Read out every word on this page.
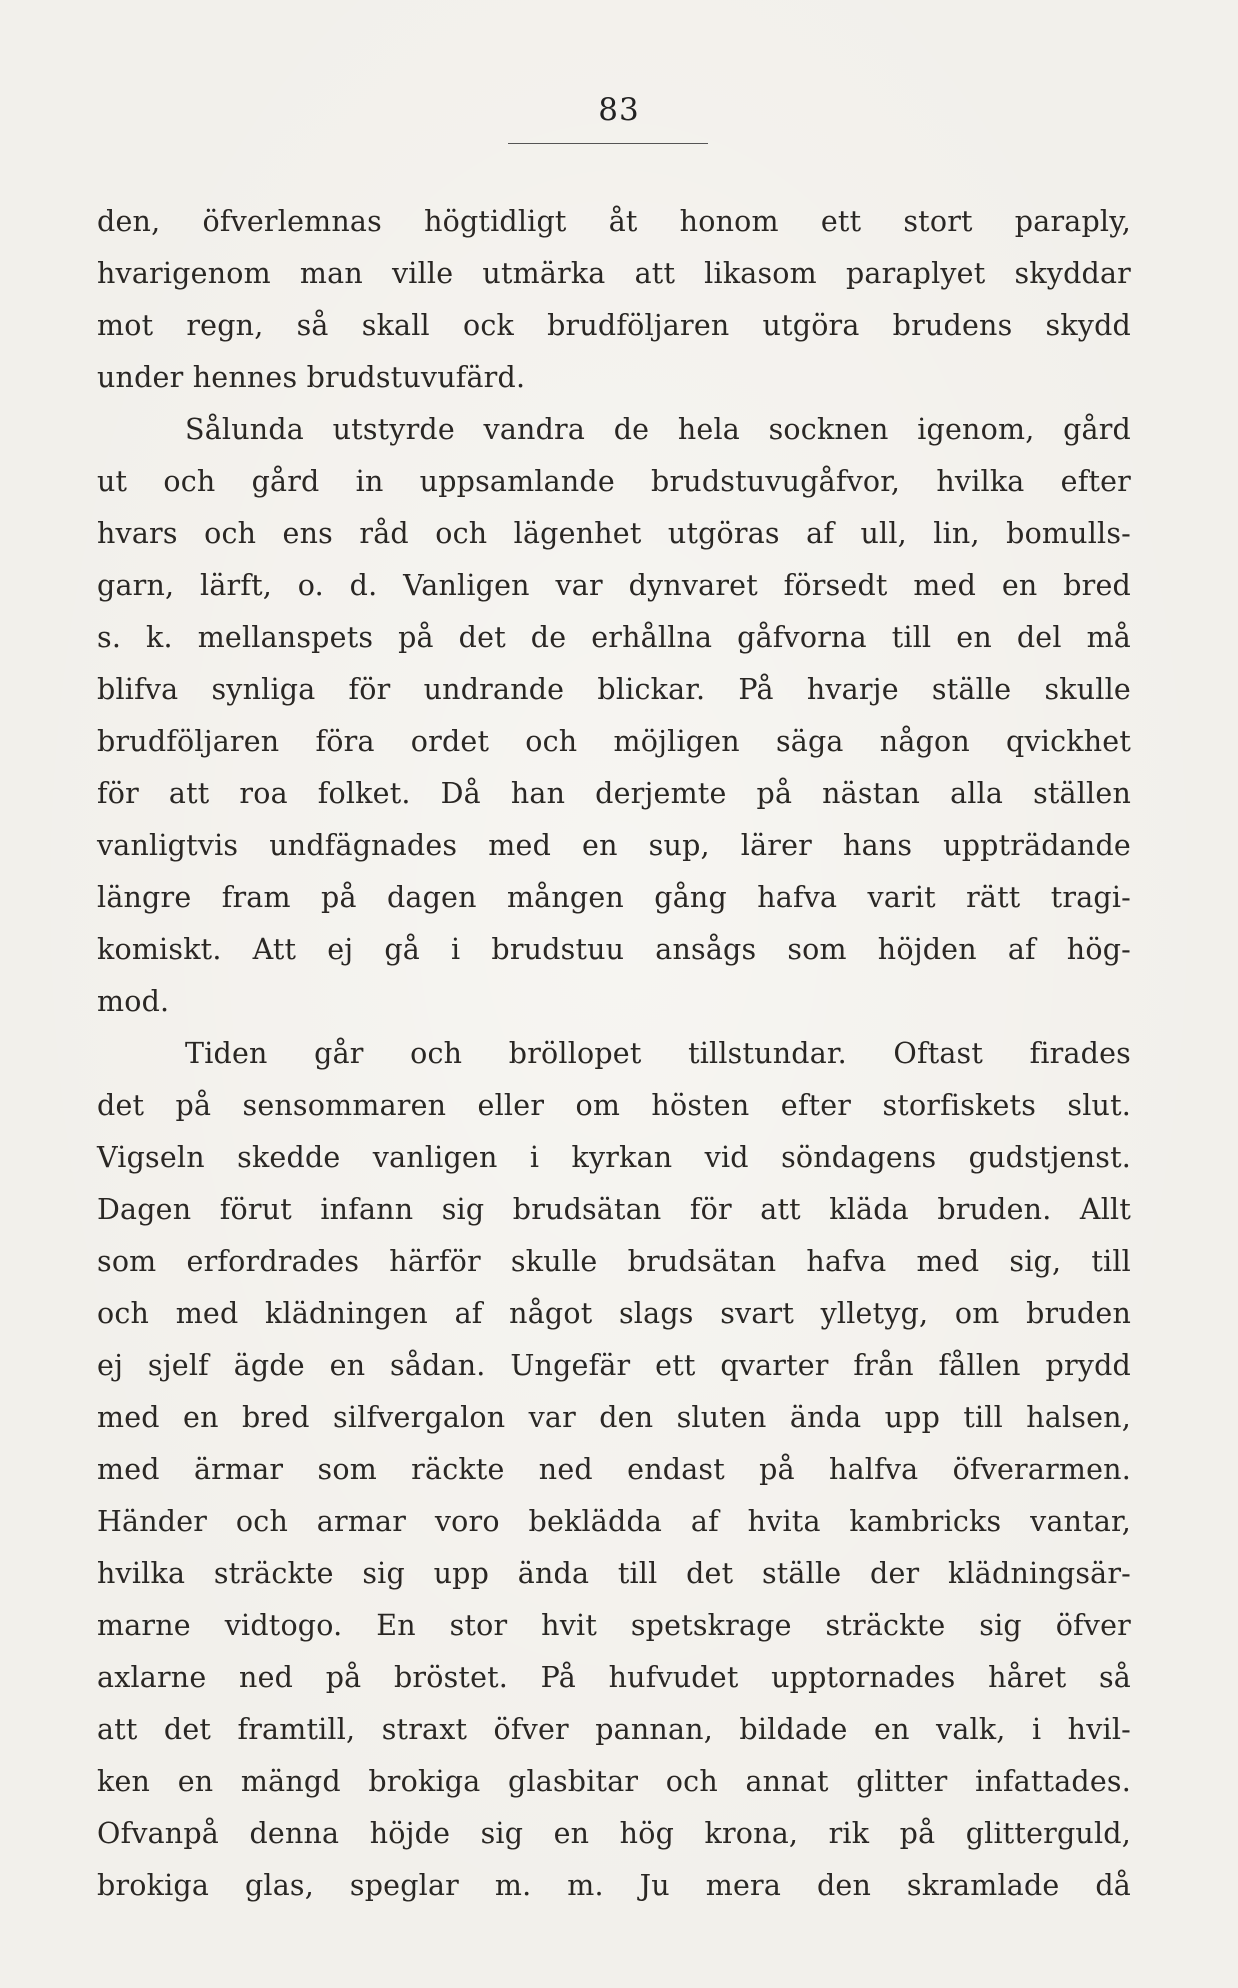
83
den, öfverlemnas högtidligt åt honom ett stort paraply,
hvarigenom man ville utmärka att likasom paraplyet skyddar
mot regn, så skall ock brudföljaren utgöra brudens skydd
under hennes brudstuvufärd.
Sålunda utstyrde vandra de hela socknen igenom, gård
ut och gård in uppsamlande brudstuvugåfvor, hvilka efter
hvars och ens råd och lägenhet utgöras af ull, lin, bomulls-
garn, lärft, o. d. Vanligen var dynvaret försedt med en bred
s. k. mellanspets på det de erhållna gåfvorna till en del må
blifva synliga för undrande blickar. På hvarje ställe skulle
brudföljaren föra ordet och möjligen säga någon qvickhet
för att roa folket. Då han derjemte på nästan alla ställen
vanligtvis undfägnades med en sup, lärer hans uppträdande
längre fram på dagen mången gång hafva varit rätt tragi-
komiskt. Att ej gå i brudstuu ansågs som höjden af hög-
mod.
Tiden går och bröllopet tillstundar. Oftast firades
det på sensommaren eller om hösten efter storfiskets slut.
Vigseln skedde vanligen i kyrkan vid söndagens gudstjenst.
Dagen förut infann sig brudsätan för att kläda bruden. Allt
som erfordrades härför skulle brudsätan hafva med sig, till
och med klädningen af något slags svart ylletyg, om bruden
ej sjelf ägde en sådan. Ungefär ett qvarter från fållen prydd
med en bred silfvergalon var den sluten ända upp till halsen,
med ärmar som räckte ned endast på halfva öfverarmen.
Händer och armar voro beklädda af hvita kambricks vantar,
hvilka sträckte sig upp ända till det ställe der klädningsär-
marne vidtogo. En stor hvit spetskrage sträckte sig öfver
axlarne ned på bröstet. På hufvudet upptornades håret så
att det framtill, straxt öfver pannan, bildade en valk, i hvil-
ken en mängd brokiga glasbitar och annat glitter infattades.
Ofvanpå denna höjde sig en hög krona, rik på glitterguld,
brokiga glas, speglar m. m. Ju mera den skramlade då
